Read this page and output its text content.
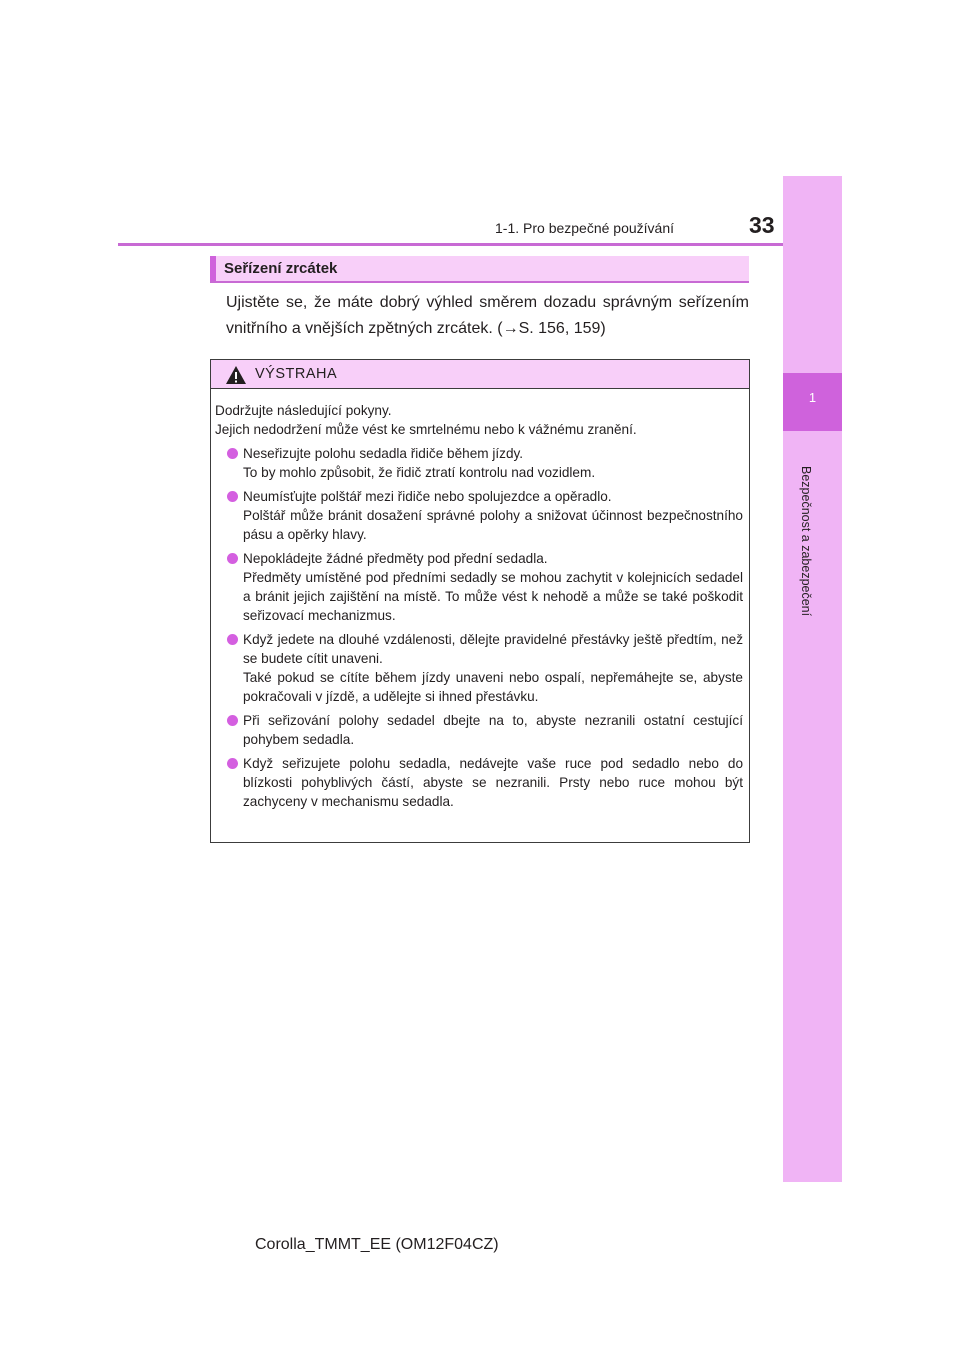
1-1. Pro bezpečné používání	33
1
Bezpečnost a zabezpečení
Seřízení zrcátek
Ujistěte se, že máte dobrý výhled směrem dozadu správným seřízením vnitřního a vnějších zpětných zrcátek. (→S. 156, 159)
VÝSTRAHA

Dodržujte následující pokyny.

Jejich nedodržení může vést ke smrtelnému nebo k vážnému zranění.

Neseřizujte polohu sedadla řidiče během jízdy.
To by mohlo způsobit, že řidič ztratí kontrolu nad vozidlem.
Neumísťujte polštář mezi řidiče nebo spolujezdce a opěradlo.
Polštář může bránit dosažení správné polohy a snižovat účinnost bezpečnostního pásu a opěrky hlavy.
Nepokládejte žádné předměty pod přední sedadla.
Předměty umístěné pod předními sedadly se mohou zachytit v kolejnicích sedadel a bránit jejich zajištění na místě. To může vést k nehodě a může se také poškodit seřizovací mechanizmus.
Když jedete na dlouhé vzdálenosti, dělejte pravidelné přestávky ještě předtím, než se budete cítit unaveni.
Také pokud se cítíte během jízdy unaveni nebo ospalí, nepřemáhejte se, abyste pokračovali v jízdě, a udělejte si ihned přestávku.
Při seřizování polohy sedadel dbejte na to, abyste nezranili ostatní cestující pohybem sedadla.
Když seřizujete polohu sedadla, nedávejte vaše ruce pod sedadlo nebo do blízkosti pohyblivých částí, abyste se nezranili. Prsty nebo ruce mohou být zachyceny v mechanismu sedadla.
Corolla_TMMT_EE (OM12F04CZ)
